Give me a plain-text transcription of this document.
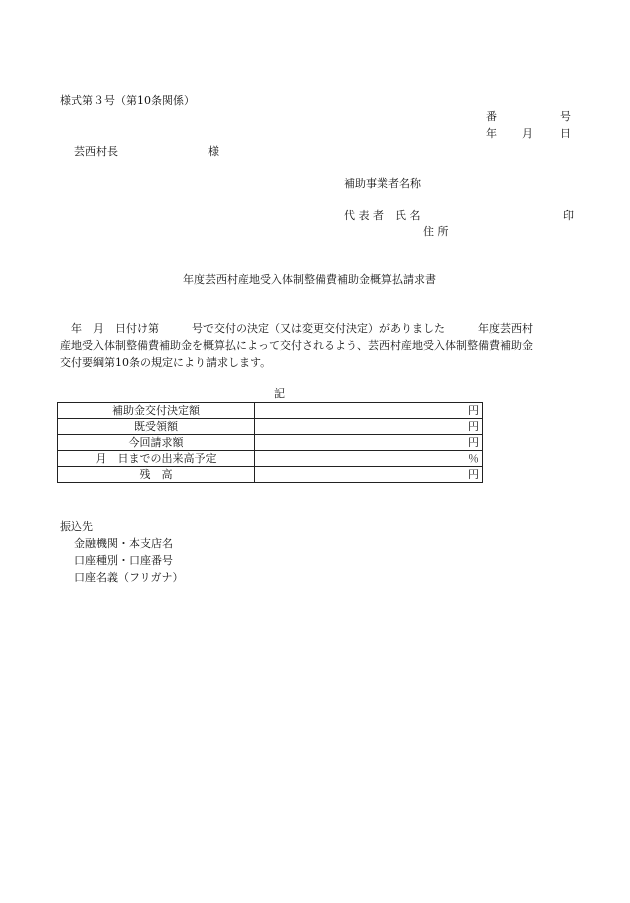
様式第３号（第10条関係）
番	号
年 月 日
芸西村長	様
補助事業者名称
代 表 者　氏 名	印
住 所
年度芸西村産地受入体制整備費補助金概算払請求書
　年　月　日付け第　　　号で交付の決定（又は変更交付決定）がありました　　　年度芸西村
産地受入体制整備費補助金を概算払によって交付されるよう、芸西村産地受入体制整備費補助金
交付要綱第10条の規定により請求します。
記
補助金交付決定額	円
既受領額	円
今回請求額	円
月　日までの出来高予定	％
残　高	円
振込先
金融機関・本支店名
口座種別・口座番号
口座名義（フリガナ）
